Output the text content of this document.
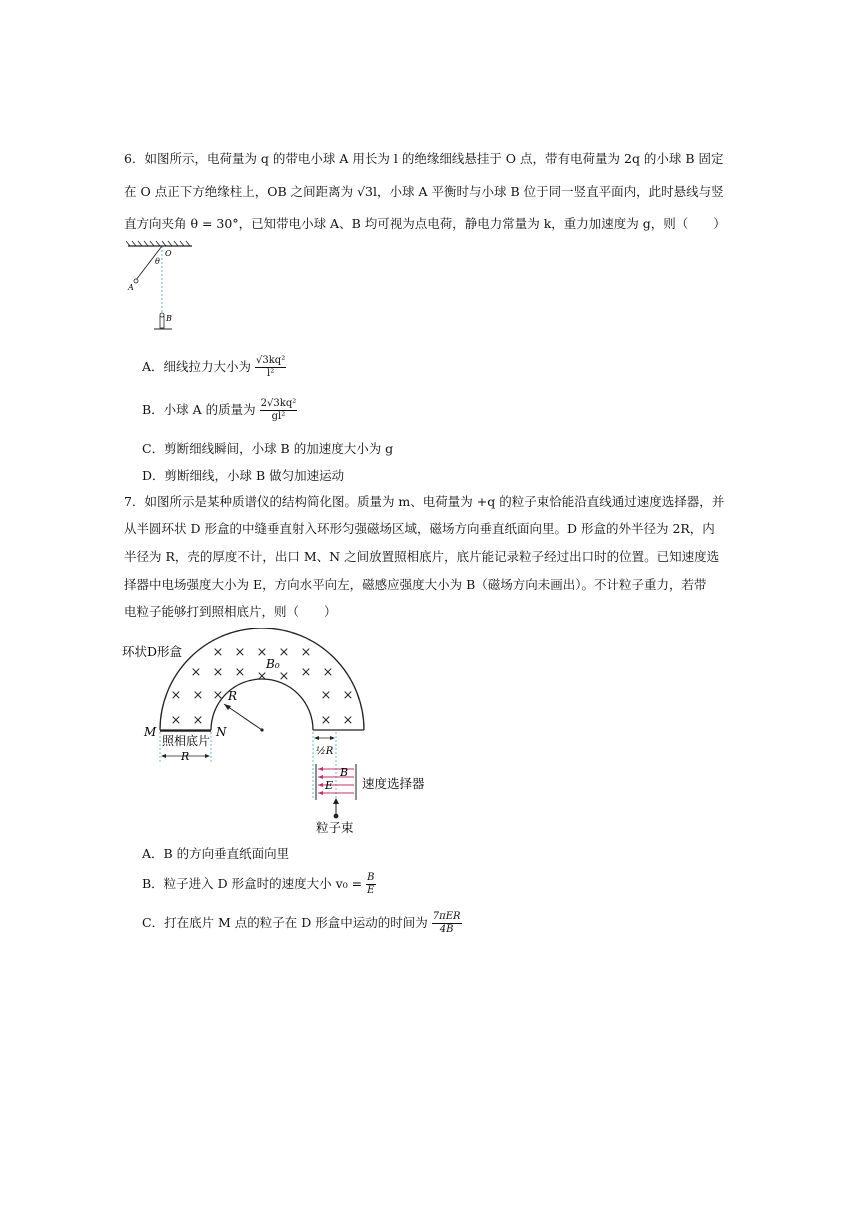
6．如图所示，电荷量为 q 的带电小球 A 用长为 l 的绝缘细线悬挂于 O 点，带有电荷量为 2q 的小球 B 固定
在 O 点正下方绝缘柱上，OB 之间距离为 √3l，小球 A 平衡时与小球 B 位于同一竖直平面内，此时悬线与竖
直方向夹角 θ = 30°，已知带电小球 A、B 均可视为点电荷，静电力常量为 k，重力加速度为 g，则（　　）
O
θ
A
B
A．细线拉力大小为 $\frac{\text{√3kq²}}{\text{l²}}$
B．小球 A 的质量为 $\frac{\text{2√3kq²}}{\text{gl²}}$
C．剪断细线瞬间，小球 B 的加速度大小为 g
D．剪断细线，小球 B 做匀加速运动
7．如图所示是某种质谱仪的结构简化图。质量为 m、电荷量为 +q 的粒子束恰能沿直线通过速度选择器，并
从半圆环状 D 形盒的中缝垂直射入环形匀强磁场区域，磁场方向垂直纸面向里。D 形盒的外半径为 2R，内
半径为 R，壳的厚度不计，出口 M、N 之间放置照相底片，底片能记录粒子经过出口时的位置。已知速度选
择器中电场强度大小为 E，方向水平向左，磁感应强度大小为 B（磁场方向未画出）。不计粒子重力，若带
电粒子能够打到照相底片，则（　　）
× × × × ×
× × ×	× ×
× × ×
× ×
× ×
× ×	× ×
环状D形盒
B₀
M	N
R
照相底片
R	½R
B
E 速度选择器
粒子束
A．B 的方向垂直纸面向里
B．粒子进入 D 形盒时的速度大小 $v_0 = \frac{B}{E}$
C．打在底片 M 点的粒子在 D 形盒中运动的时间为 7πER
4B
